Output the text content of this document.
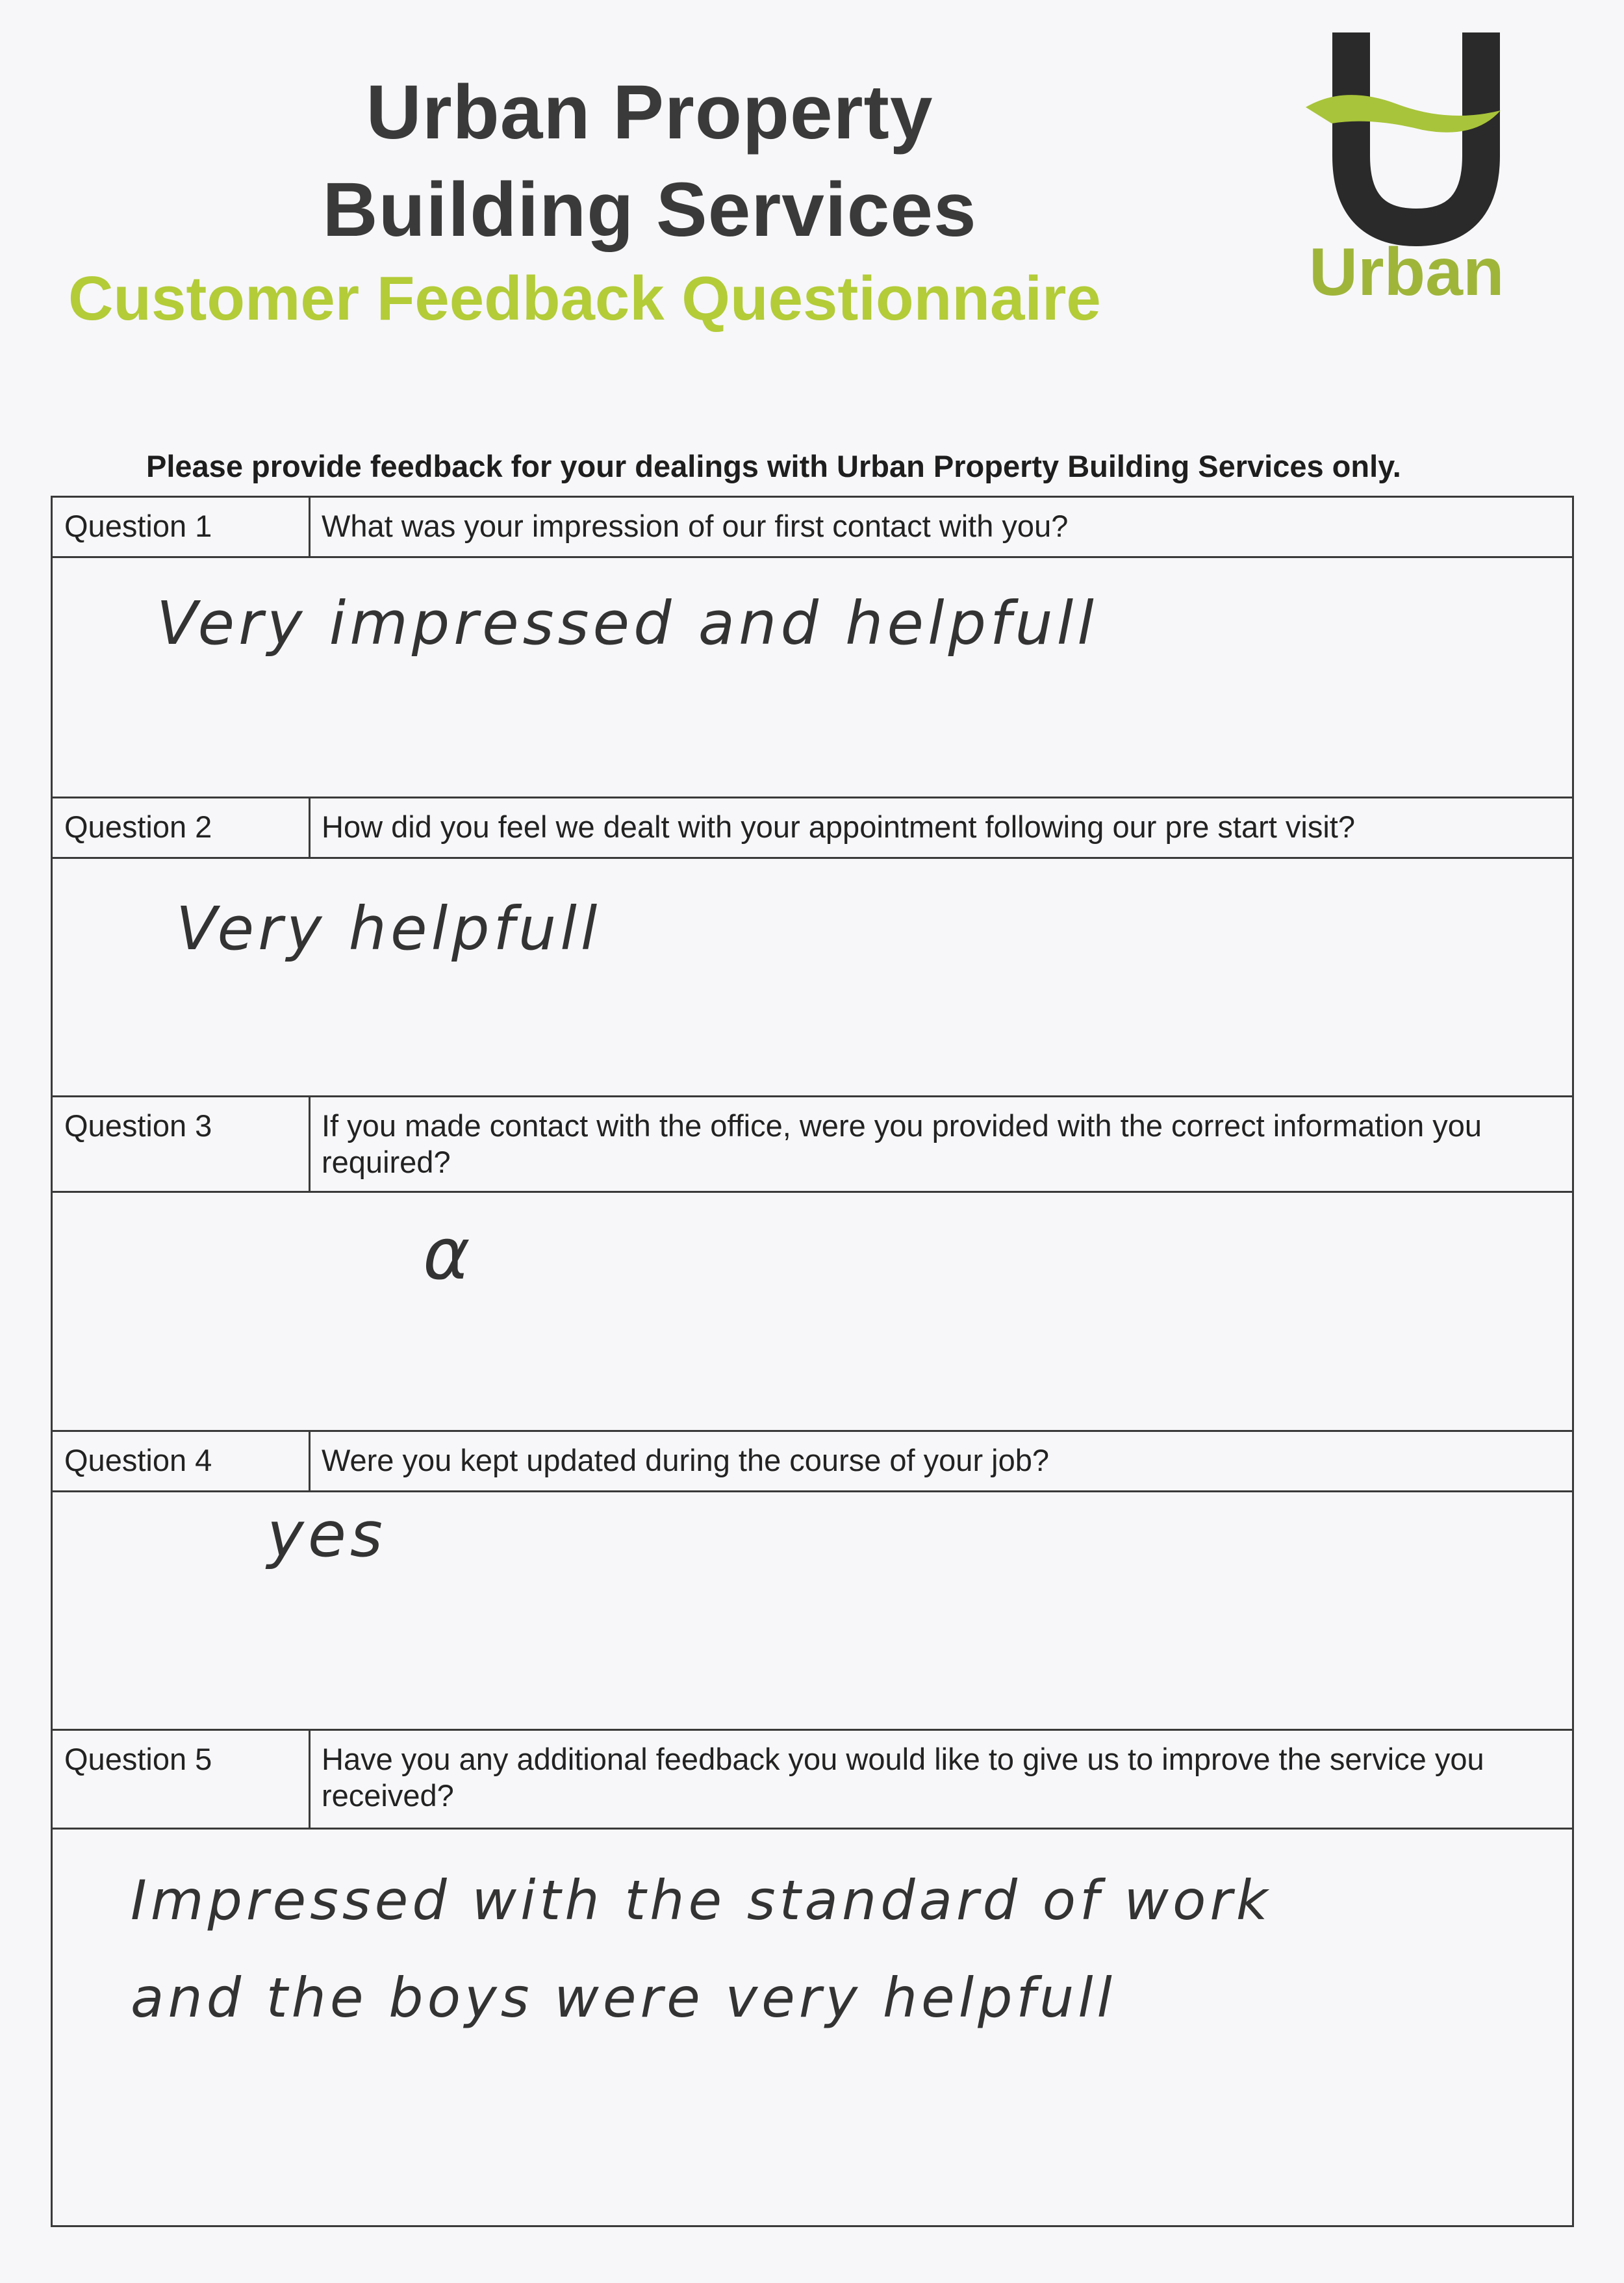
Urban Property
Building Services
Customer Feedback Questionnaire	Urban
Please provide feedback for your dealings with Urban Property Building Services only.
Question 1	What was your impression of our first contact with you?
Very impressed and helpfull
Question 2	How did you feel we dealt with your appointment following our pre start visit?
Very helpfull
Question 3	If you made contact with the office, were you provided with the correct information you required?
α
Question 4	Were you kept updated during the course of your job?
yes
Question 5	Have you any additional feedback you would like to give us to improve the service you received?
Impressed with the standard of work
and the boys were very helpfull
